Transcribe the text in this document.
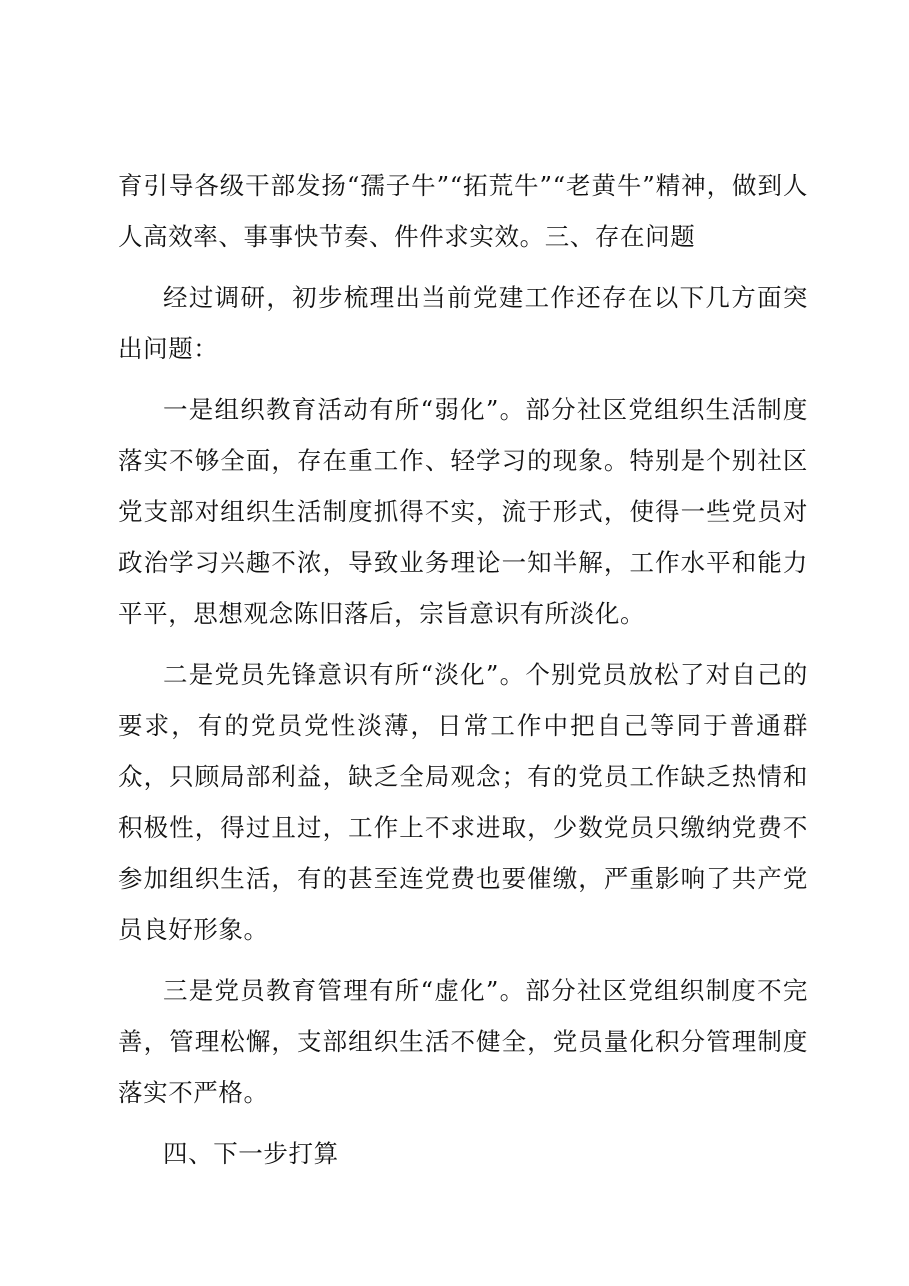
育引导各级干部发扬“孺子牛”“拓荒牛”“老黄牛”精神，做到人人高效率、事事快节奏、件件求实效。三、存在问题

经过调研，初步梳理出当前党建工作还存在以下几方面突出问题：

一是组织教育活动有所“弱化”。部分社区党组织生活制度落实不够全面，存在重工作、轻学习的现象。特别是个别社区党支部对组织生活制度抓得不实，流于形式，使得一些党员对政治学习兴趣不浓，导致业务理论一知半解，工作水平和能力平平，思想观念陈旧落后，宗旨意识有所淡化。

二是党员先锋意识有所“淡化”。个别党员放松了对自己的要求，有的党员党性淡薄，日常工作中把自己等同于普通群众，只顾局部利益，缺乏全局观念；有的党员工作缺乏热情和积极性，得过且过，工作上不求进取，少数党员只缴纳党费不参加组织生活，有的甚至连党费也要催缴，严重影响了共产党员良好形象。

三是党员教育管理有所“虚化”。部分社区党组织制度不完善，管理松懈，支部组织生活不健全，党员量化积分管理制度落实不严格。

四、下一步打算
